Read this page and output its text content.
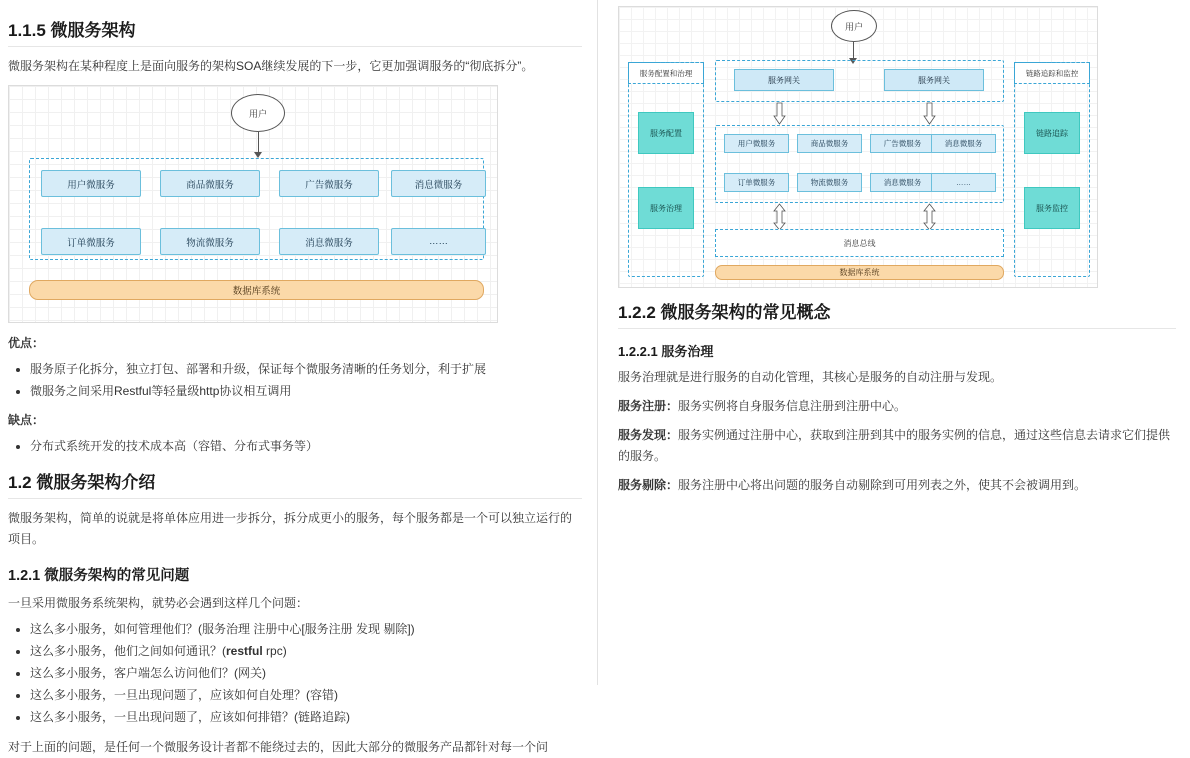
1.1.5 微服务架构

微服务架构在某种程度上是面向服务的架构SOA继续发展的下一步，它更加强调服务的“彻底拆分”。

用户
用户微服务	商品微服务	广告微服务	消息微服务
订单微服务	物流微服务	消息微服务	……
数据库系统

优点：

• 服务原子化拆分，独立打包、部署和升级，保证每个微服务清晰的任务划分，利于扩展
• 微服务之间采用Restful等轻量级http协议相互调用

缺点：

• 分布式系统开发的技术成本高（容错、分布式事务等）
1.2 微服务架构介绍

微服务架构，简单的说就是将单体应用进一步拆分，拆分成更小的服务，每个服务都是一个可以独立运行的项目。

1.2.1 微服务架构的常见问题

一旦采用微服务系统架构，就势必会遇到这样几个问题：

• 这么多小服务，如何管理他们？(服务治理 注册中心[服务注册 发现 剔除])
• 这么多小服务，他们之间如何通讯？(restful rpc)
• 这么多小服务，客户端怎么访问他们？(网关)
• 这么多小服务，一旦出现问题了，应该如何自处理？(容错)
• 这么多小服务，一旦出现问题了，应该如何排错？(链路追踪)

对于上面的问题，是任何一个微服务设计者都不能绕过去的，因此大部分的微服务产品都针对每一个问

用户
服务配置和治理
服务配置
服务治理
链路追踪和监控
链路追踪
服务监控
服务网关	服务网关
用户微服务	商品微服务	广告微服务	消息微服务
订单微服务	物流微服务	消息微服务	……
消息总线
数据库系统
1.2.2 微服务架构的常见概念
1.2.2.1 服务治理

服务治理就是进行服务的自动化管理，其核心是服务的自动注册与发现。

服务注册：服务实例将自身服务信息注册到注册中心。

服务发现：服务实例通过注册中心，获取到注册到其中的服务实例的信息，通过这些信息去请求它们提供的服务。

服务剔除：服务注册中心将出问题的服务自动剔除到可用列表之外，使其不会被调用到。
